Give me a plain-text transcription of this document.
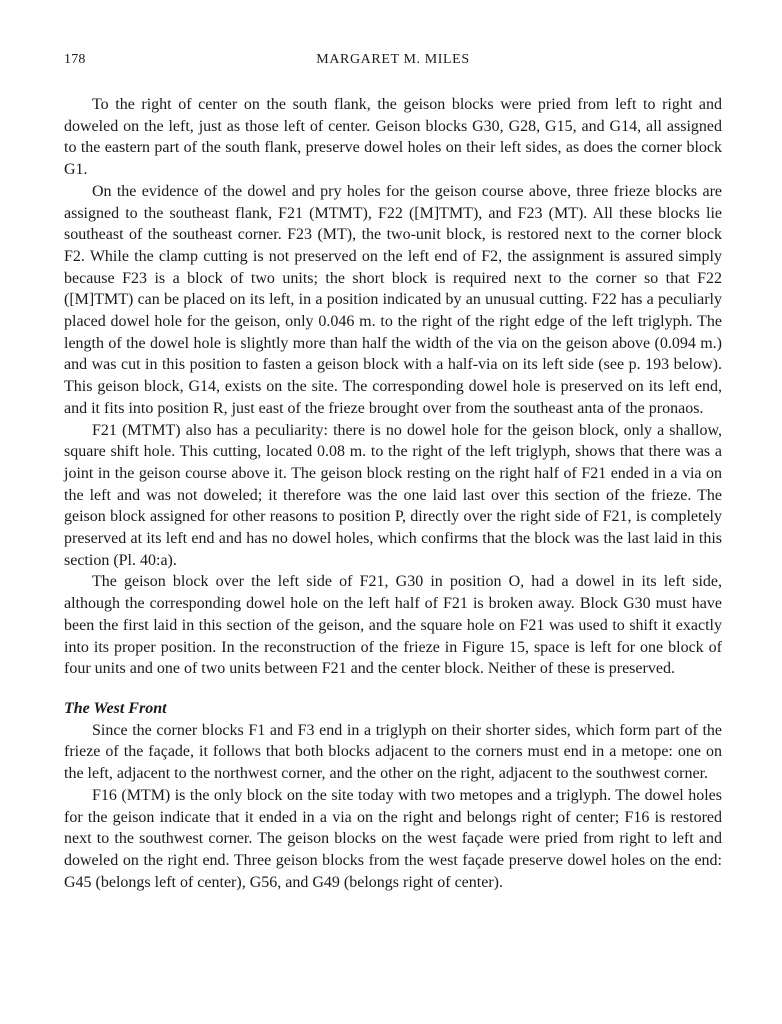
178	MARGARET M. MILES

To the right of center on the south flank, the geison blocks were pried from left to right and doweled on the left, just as those left of center. Geison blocks G30, G28, G15, and G14, all assigned to the eastern part of the south flank, preserve dowel holes on their left sides, as does the corner block G1.

On the evidence of the dowel and pry holes for the geison course above, three frieze blocks are assigned to the southeast flank, F21 (MTMT), F22 ([M]TMT), and F23 (MT). All these blocks lie southeast of the southeast corner. F23 (MT), the two-unit block, is restored next to the corner block F2. While the clamp cutting is not preserved on the left end of F2, the assignment is assured simply because F23 is a block of two units; the short block is required next to the corner so that F22 ([M]TMT) can be placed on its left, in a position indicated by an unusual cutting. F22 has a peculiarly placed dowel hole for the geison, only 0.046 m. to the right of the right edge of the left triglyph. The length of the dowel hole is slightly more than half the width of the via on the geison above (0.094 m.) and was cut in this position to fasten a geison block with a half-via on its left side (see p. 193 below). This geison block, G14, exists on the site. The corresponding dowel hole is preserved on its left end, and it fits into position R, just east of the frieze brought over from the southeast anta of the pronaos.

F21 (MTMT) also has a peculiarity: there is no dowel hole for the geison block, only a shallow, square shift hole. This cutting, located 0.08 m. to the right of the left triglyph, shows that there was a joint in the geison course above it. The geison block resting on the right half of F21 ended in a via on the left and was not doweled; it therefore was the one laid last over this section of the frieze. The geison block assigned for other reasons to position P, directly over the right side of F21, is completely preserved at its left end and has no dowel holes, which confirms that the block was the last laid in this section (Pl. 40:a).

The geison block over the left side of F21, G30 in position O, had a dowel in its left side, although the corresponding dowel hole on the left half of F21 is broken away. Block G30 must have been the first laid in this section of the geison, and the square hole on F21 was used to shift it exactly into its proper position. In the reconstruction of the frieze in Figure 15, space is left for one block of four units and one of two units between F21 and the center block. Neither of these is preserved.

The West Front

Since the corner blocks F1 and F3 end in a triglyph on their shorter sides, which form part of the frieze of the façade, it follows that both blocks adjacent to the corners must end in a metope: one on the left, adjacent to the northwest corner, and the other on the right, adjacent to the southwest corner.

F16 (MTM) is the only block on the site today with two metopes and a triglyph. The dowel holes for the geison indicate that it ended in a via on the right and belongs right of center; F16 is restored next to the southwest corner. The geison blocks on the west façade were pried from right to left and doweled on the right end. Three geison blocks from the west façade preserve dowel holes on the end: G45 (belongs left of center), G56, and G49 (belongs right of center).
